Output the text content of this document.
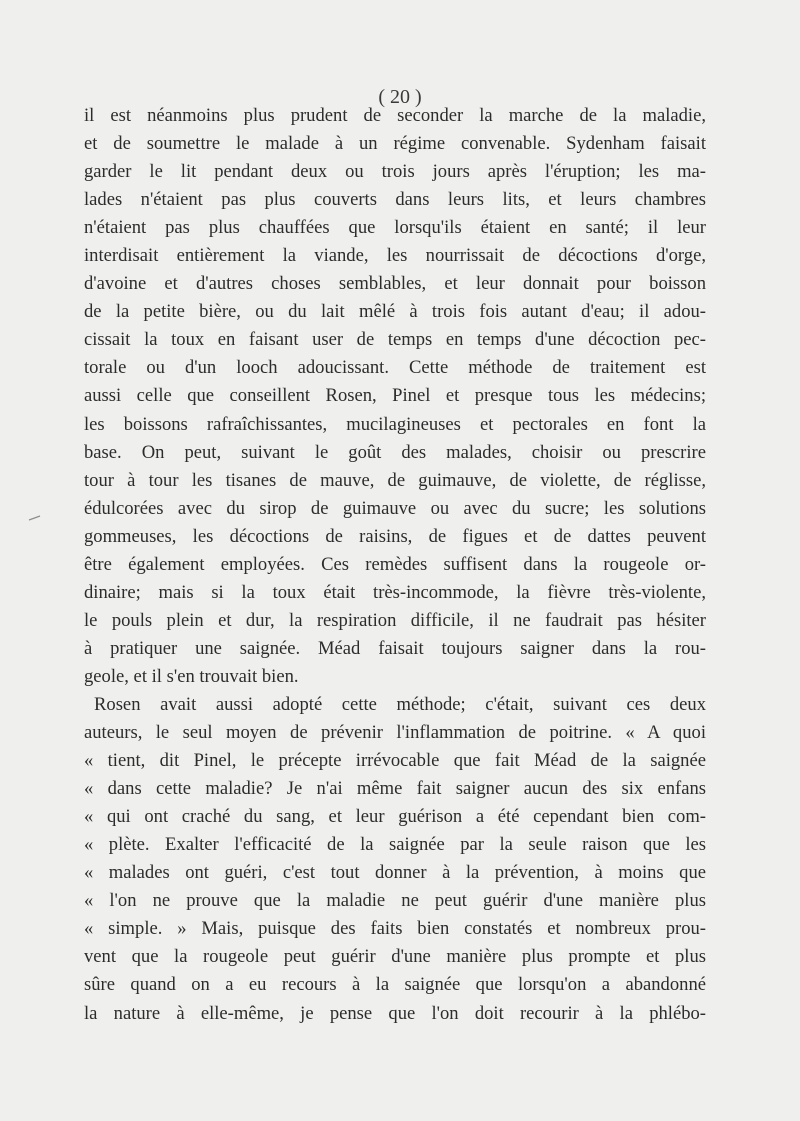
( 20 )
il est néanmoins plus prudent de seconder la marche de la maladie,
et de soumettre le malade à un régime convenable. Sydenham faisait
garder le lit pendant deux ou trois jours après l'éruption; les ma-
lades n'étaient pas plus couverts dans leurs lits, et leurs chambres
n'étaient pas plus chauffées que lorsqu'ils étaient en santé; il leur
interdisait entièrement la viande, les nourrissait de décoctions d'orge,
d'avoine et d'autres choses semblables, et leur donnait pour boisson
de la petite bière, ou du lait mêlé à trois fois autant d'eau; il adou-
cissait la toux en faisant user de temps en temps d'une décoction pec-
torale ou d'un looch adoucissant. Cette méthode de traitement est
aussi celle que conseillent Rosen, Pinel et presque tous les médecins;
les boissons rafraîchissantes, mucilagineuses et pectorales en font la
base. On peut, suivant le goût des malades, choisir ou prescrire
tour à tour les tisanes de mauve, de guimauve, de violette, de réglisse,
édulcorées avec du sirop de guimauve ou avec du sucre; les solutions
gommeuses, les décoctions de raisins, de figues et de dattes peuvent
être également employées. Ces remèdes suffisent dans la rougeole or-
dinaire; mais si la toux était très-incommode, la fièvre très-violente,
le pouls plein et dur, la respiration difficile, il ne faudrait pas hésiter
à pratiquer une saignée. Méad faisait toujours saigner dans la rou-
geole, et il s'en trouvait bien.
Rosen avait aussi adopté cette méthode; c'était, suivant ces deux
auteurs, le seul moyen de prévenir l'inflammation de poitrine. « A quoi
« tient, dit Pinel, le précepte irrévocable que fait Méad de la saignée
« dans cette maladie? Je n'ai même fait saigner aucun des six enfans
« qui ont craché du sang, et leur guérison a été cependant bien com-
« plète. Exalter l'efficacité de la saignée par la seule raison que les
« malades ont guéri, c'est tout donner à la prévention, à moins que
« l'on ne prouve que la maladie ne peut guérir d'une manière plus
« simple. » Mais, puisque des faits bien constatés et nombreux prou-
vent que la rougeole peut guérir d'une manière plus prompte et plus
sûre quand on a eu recours à la saignée que lorsqu'on a abandonné
la nature à elle-même, je pense que l'on doit recourir à la phlébo-
